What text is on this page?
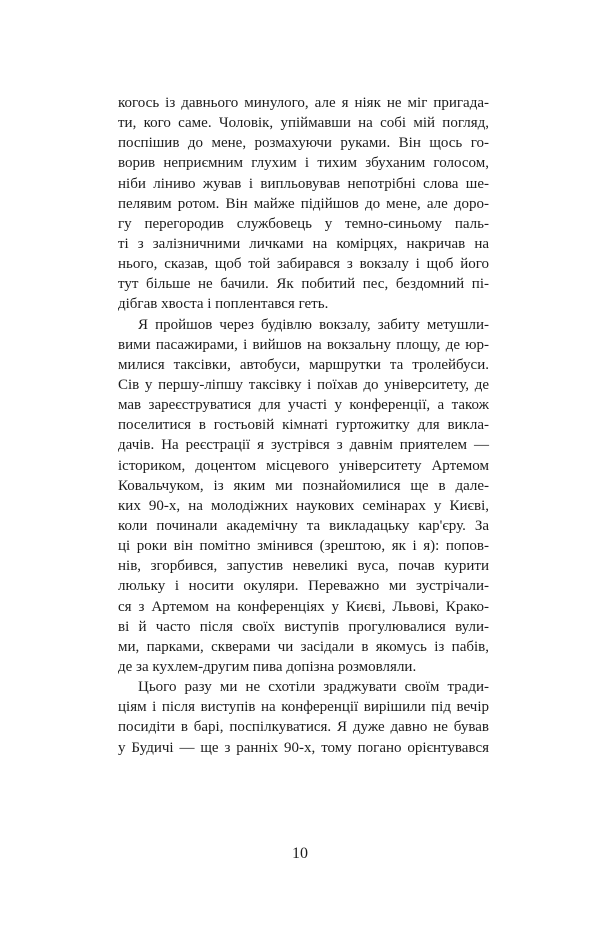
когось із давнього минулого, але я ніяк не міг пригада-
ти, кого саме. Чоловік, упіймавши на собі мій погляд,
поспішив до мене, розмахуючи руками. Він щось го-
ворив неприємним глухим і тихим збуханим голосом,
ніби ліниво жував і випльовував непотрібні слова ше-
пелявим ротом. Він майже підійшов до мене, але доро-
гу перегородив службовець у темно-синьому паль-
ті з залізничними личками на комірцях, накричав на
нього, сказав, щоб той забирався з вокзалу і щоб його
тут більше не бачили. Як побитий пес, бездомний пі-
дібгав хвоста і поплентався геть.
Я пройшов через будівлю вокзалу, забиту метушли-
вими пасажирами, і вийшов на вокзальну площу, де юр-
милися таксівки, автобуси, маршрутки та тролейбуси.
Сів у першу-ліпшу таксівку і поїхав до університету, де
мав зареєструватися для участі у конференції, а також
поселитися в гостьовій кімнаті гуртожитку для викла-
дачів. На реєстрації я зустрівся з давнім приятелем —
істориком, доцентом місцевого університету Артемом
Ковальчуком, із яким ми познайомилися ще в дале-
ких 90-х, на молодіжних наукових семінарах у Києві,
коли починали академічну та викладацьку кар'єру. За
ці роки він помітно змінився (зрештою, як і я): попов-
нів, згорбився, запустив невеликі вуса, почав курити
люльку і носити окуляри. Переважно ми зустрічали-
ся з Артемом на конференціях у Києві, Львові, Крако-
ві й часто після своїх виступів прогулювалися вули-
ми, парками, скверами чи засідали в якомусь із пабів,
де за кухлем-другим пива допізна розмовляли.
Цього разу ми не схотіли зраджувати своїм тради-
ціям і після виступів на конференції вирішили під вечір
посидіти в барі, поспілкуватися. Я дуже давно не бував
у Будичі — ще з ранніх 90-х, тому погано орієнтувався
10
